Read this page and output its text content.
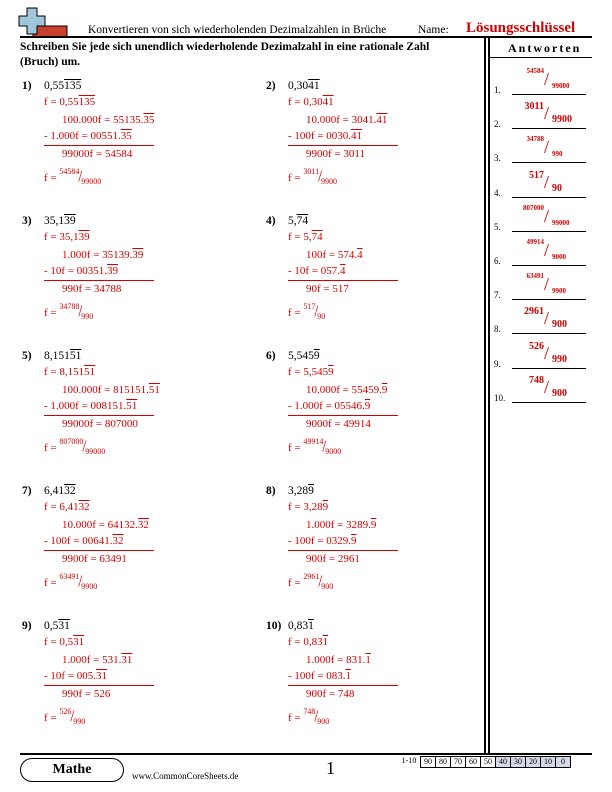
Konvertieren von sich wiederholenden Dezimalzahlen in Brüche	Name: Lösungsschlüssel
Schreiben Sie jede sich unendlich wiederholende Dezimalzahl in eine rationale Zahl (Bruch) um.
Antworten
1) 0,55135
f = 0,55135
100.000f = 55135.35
- 1.000f = 00551.35
99000f = 54584
$f = ^{54584}/_{99000}$
2) 0,3041
f = 0,3041
10.000f = 3041.41
- 100f = 0030.41
9900f = 3011
$f = ^{3011}/_{9900}$
3) 35,139
f = 35,139
1.000f = 35139.39
- 10f = 00351.39
990f = 34788
$f = ^{34788}/_{990}$
4) 5,74
f = 5,74
100f = 574.4
- 10f = 057.4
90f = 517
$f = ^{517}/_{90}$
5) 8,15151
f = 8,15151
100.000f = 815151.51
- 1.000f = 008151.51
99000f = 807000
$f = ^{807000}/_{99000}$
6) 5,5459
f = 5,5459
10.000f = 55459.9
- 1.000f = 05546.9
9000f = 49914
$f = ^{49914}/_{9000}$
7) 6,4132
f = 6,4132
10.000f = 64132.32
- 100f = 00641.32
9900f = 63491
$f = ^{63491}/_{9900}$
8) 3,289
f = 3,289
1.000f = 3289.9
- 100f = 0329.9
900f = 2961
$f = ^{2961}/_{900}$
9) 0,531
f = 0,531
1.000f = 531.31
- 10f = 005.31
990f = 526
$f = ^{526}/_{990}$
10) 0,831
f = 0,831
1.000f = 831.1
- 100f = 083.1
900f = 748
$f = ^{748}/_{900}$
1.
54584 / 99000
2.
3011 / 9900
3.
34788 / 990
4.
517 / 90
5.
807000 / 99000
6.
49914 / 9000
7.
63491 / 9900
8.
2961 / 900
9.
526 / 990
10.
748 / 900
Mathe	www.CommonCoreSheets.de	1	1-10 90 80 70 60 50 40 30 20 10	0
